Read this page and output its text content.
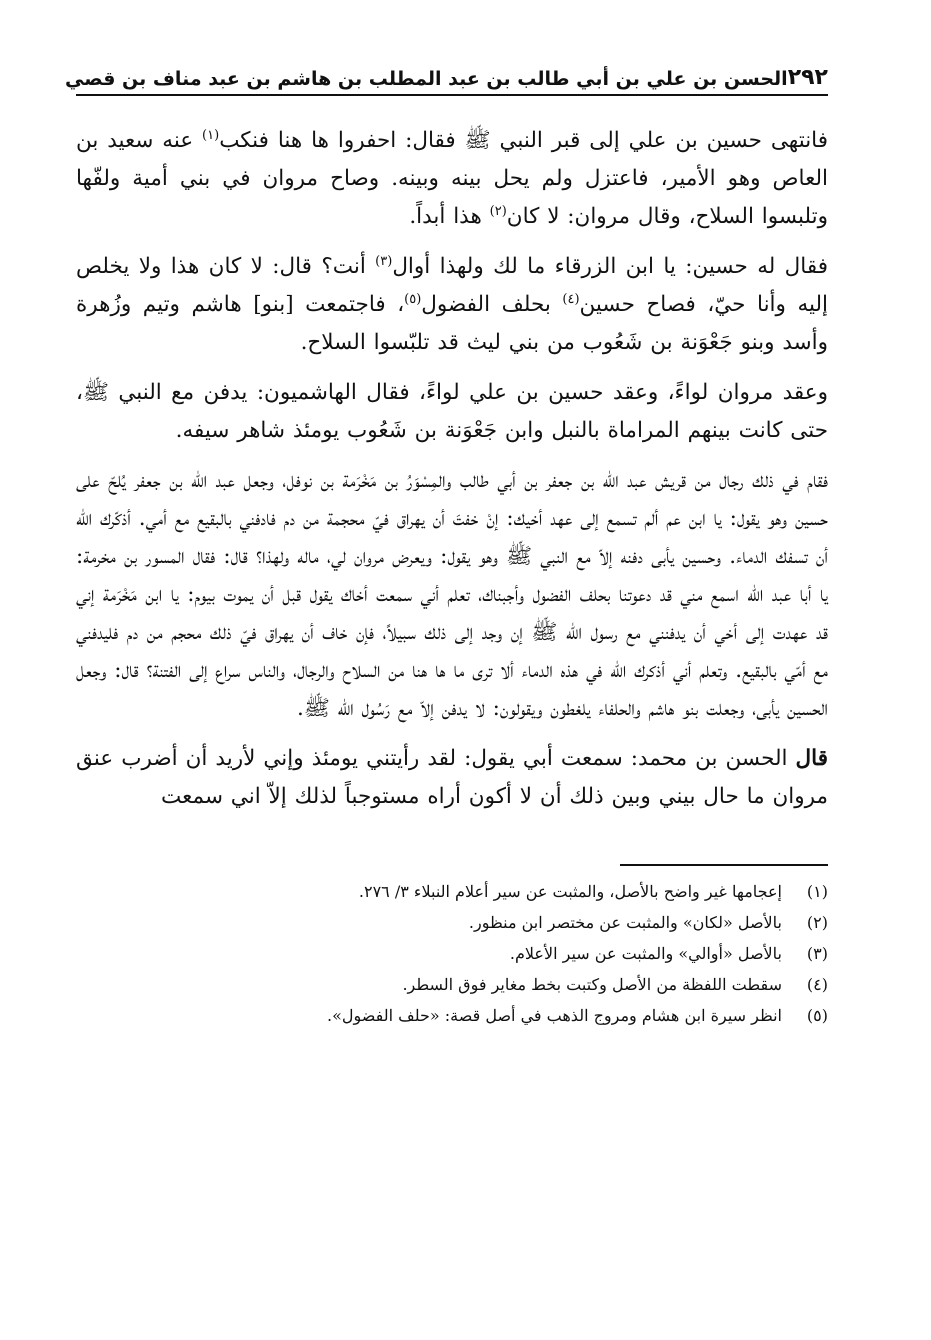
٢٩٢
الحسن بن علي بن أبي طالب بن عبد المطلب بن هاشم بن عبد مناف بن قصي

فانتهى حسين بن علي إلى قبر النبي ﷺ فقال: احفروا ها هنا فنكب$^{(١)}$ عنه سعيد بن العاص وهو الأمير، فاعتزل ولم يحل بينه وبينه. وصاح مروان في بني أمية ولفّها وتلبسوا السلاح، وقال مروان: لا كان$^{(٢)}$ هذا أبداً.

فقال له حسين: يا ابن الزرقاء ما لك ولهذا أوال$^{(٣)}$ أنت؟ قال: لا كان هذا ولا يخلص إليه وأنا حيّ، فصاح حسين$^{(٤)}$ بحلف الفضول$^{(٥)}$، فاجتمعت [بنو] هاشم وتيم وزُهرة وأسد وبنو جَعْوَنة بن شَعُوب من بني ليث قد تلبّسوا السلاح.

وعقد مروان لواءً، وعقد حسين بن علي لواءً، فقال الهاشميون: يدفن مع النبي ﷺ، حتى كانت بينهم المراماة بالنبل وابن جَعْوَنة بن شَعُوب يومئذ شاهر سيفه.

فقام في ذلك رجال من قريش عبد الله بن جعفر بن أبي طالب والمِسْوَرُ بن مَخْرَمة بن نوفل، وجعل عبد الله بن جعفر يُلحّ على حسين وهو يقول: يا ابن عم ألم تسمع إلى عهد أخيك: إنْ خفتَ أن يهراق فيّ محجمة من دم فادفني بالبقيع مع أمي. أذكّرك الله أن تسفك الدماء. وحسين يأبى دفنه إلاّ مع النبي ﷺ وهو يقول: ويعرض مروان لي، ماله ولهذا؟ قال: فقال المسور بن مخرمة: يا أبا عبد الله اسمع مني قد دعوتنا بحلف الفضول وأجبناك، تعلم أني سمعت أخاك يقول قبل أن يموت بيوم: يا ابن مَخْرَمة إني قد عهدت إلى أخي أن يدفنني مع رسول الله ﷺ إن وجد إلى ذلك سبيلاً، فإن خاف أن يهراق فيّ ذلك محجم من دم فليدفني مع أمّي بالبقيع. وتعلم أني أذكرك الله في هذه الدماء ألا ترى ما ها هنا من السلاح والرجال، والناس سراع إلى الفتنة؟ قال: وجعل الحسين يأبى، وجعلت بنو هاشم والحلفاء يلغطون ويقولون: لا يدفن إلاّ مع رَسُول الله ﷺ.

قال الحسن بن محمد: سمعت أبي يقول: لقد رأيتني يومئذ وإني لأريد أن أضرب عنق مروان ما حال بيني وبين ذلك أن لا أكون أراه مستوجباً لذلك إلاّ اني سمعت

(١)
إعجامها غير واضح بالأصل، والمثبت عن سير أعلام النبلاء ٣/ ٢٧٦.
(٢)
بالأصل «لكان» والمثبت عن مختصر ابن منظور.
(٣)
بالأصل «أوالي» والمثبت عن سير الأعلام.
(٤)
سقطت اللفظة من الأصل وكتبت بخط مغاير فوق السطر.
(٥)
انظر سيرة ابن هشام ومروج الذهب في أصل قصة: «حلف الفضول».
